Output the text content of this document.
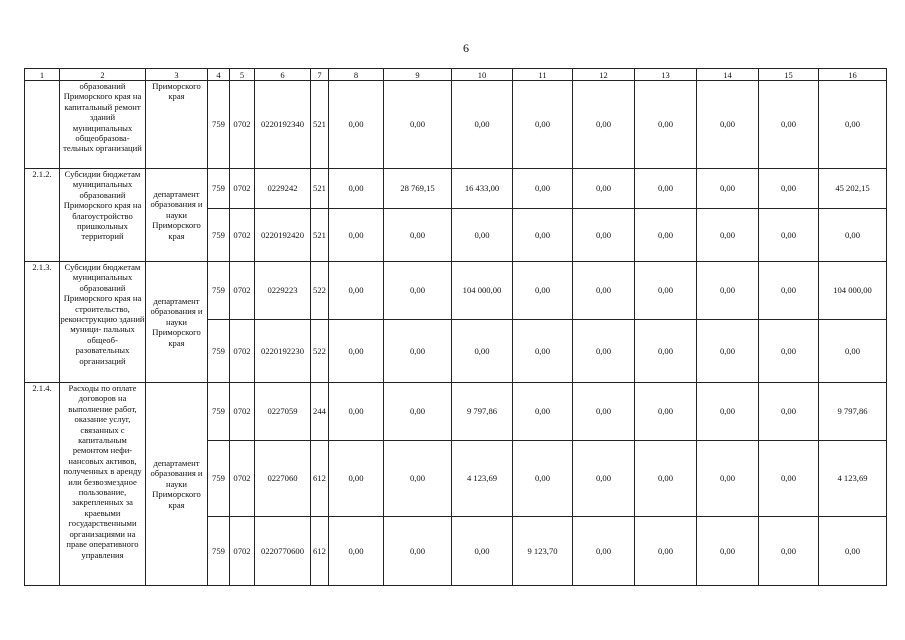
6
1	2	3	4	5	6	7	8	9	10	11	12	13	14	15	16
	образований Приморского края на капитальный ремонт зданий муниципальных общеобразова- тельных организаций	Приморского края	759	0702	0220192340	521	0,00	0,00	0,00	0,00	0,00	0,00	0,00	0,00	0,00
2.1.2.	Субсидии бюджетам муниципальных образований Приморского края на благоустройство пришкольных территорий	департамент образования и науки Приморского края	759	0702	0229242	521	0,00	28 769,15	16 433,00	0,00	0,00	0,00	0,00	0,00	45 202,15
			759	0702	0220192420	521	0,00	0,00	0,00	0,00	0,00	0,00	0,00	0,00	0,00
2.1.3.	Субсидии бюджетам муниципальных образований Приморского края на строительство, реконструкцию зданий муници- пальных общеоб- разовательных организаций	департамент образования и науки Приморского края	759	0702	0229223	522	0,00	0,00	104 000,00	0,00	0,00	0,00	0,00	0,00	104 000,00
			759	0702	0220192230	522	0,00	0,00	0,00	0,00	0,00	0,00	0,00	0,00	0,00
2.1.4.	Расходы по оплате договоров на выполнение работ, оказание услуг, связанных с капитальным ремонтом нефи- нансовых активов, полученных в аренду или безвозмездное пользование, закрепленных за краевыми государственными организациями на праве оперативного управления	департамент образования и науки Приморского края	759	0702	0227059	244	0,00	0,00	9 797,86	0,00	0,00	0,00	0,00	0,00	9 797,86
			759	0702	0227060	612	0,00	0,00	4 123,69	0,00	0,00	0,00	0,00	0,00	4 123,69
			759	0702	0220770600	612	0,00	0,00	0,00	9 123,70	0,00	0,00	0,00	0,00	0,00
